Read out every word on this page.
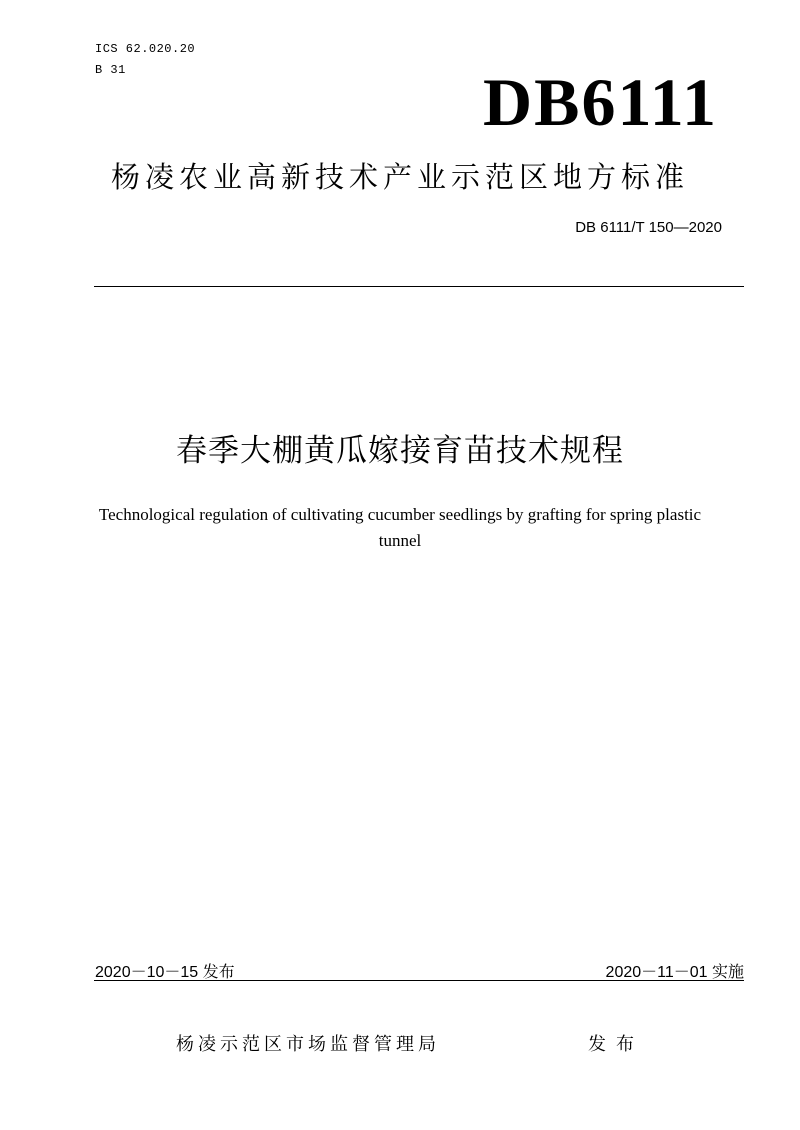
ICS 62.020.20
B 31	DB6111
杨凌农业高新技术产业示范区地方标准
DB 6111/T 150—2020
春季大棚黄瓜嫁接育苗技术规程
Technological regulation of cultivating cucumber seedlings by grafting for spring plastic tunnel
2020－10－15 发布	2020－11－01 实施
杨凌示范区市场监督管理局	发布
